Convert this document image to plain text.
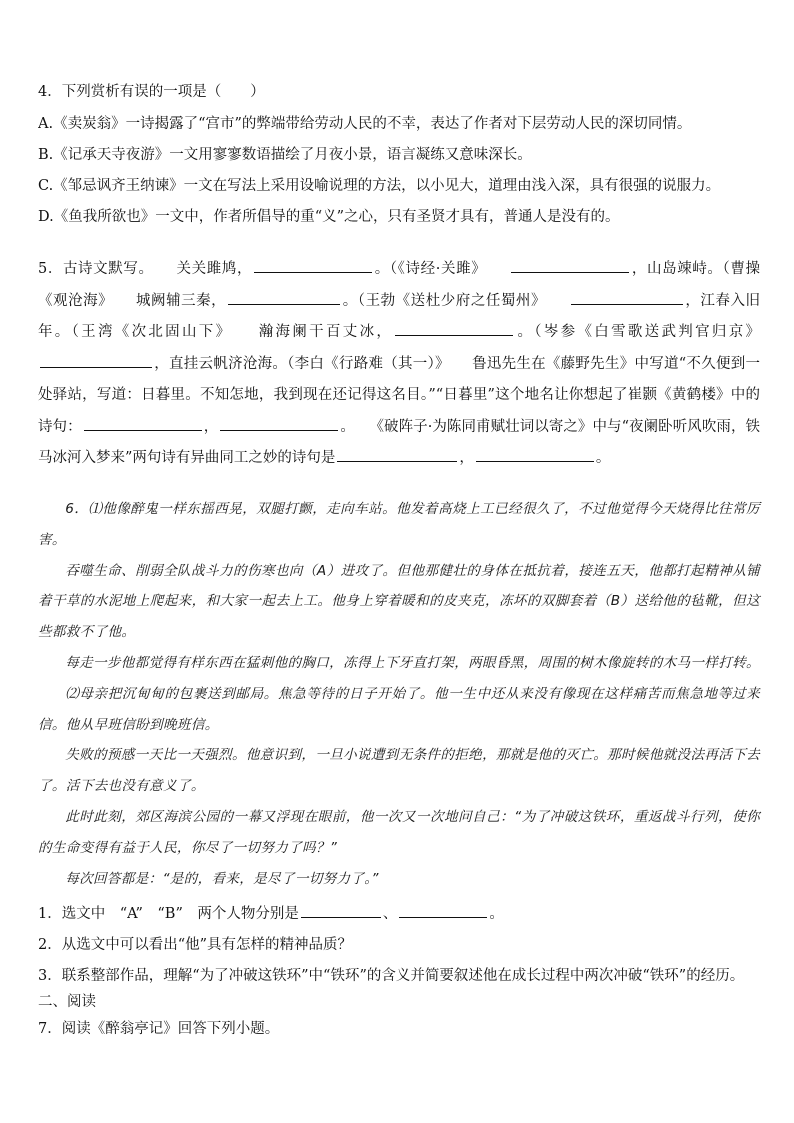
4．下列赏析有误的一项是（　　）
A.《卖炭翁》一诗揭露了“宫市”的弊端带给劳动人民的不幸，表达了作者对下层劳动人民的深切同情。
B.《记承天寺夜游》一文用寥寥数语描绘了月夜小景，语言凝练又意味深长。
C.《邹忌讽齐王纳谏》一文在写法上采用设喻说理的方法，以小见大，道理由浅入深，具有很强的说服力。
D.《鱼我所欲也》一文中，作者所倡导的重“义”之心，只有圣贤才具有，普通人是没有的。
5．古诗文默写。　　关关雎鸠，	。（《诗经·关雎》　　	，山岛竦峙。（曹操《观沧海》　　城阙辅三秦，	。（王勃《送杜少府之任蜀州》　　	，江春入旧年。（王湾《次北固山下》　　瀚海阑干百丈冰，	。（岑参《白雪歌送武判官归京》，直挂云帆济沧海。（李白《行路难（其一）》　　鲁迅先生在《藤野先生》中写道“不久便到一处驿站，写道：日暮里。不知怎地，我到现在还记得这名目。”“日暮里”这个地名让你想起了崔颢《黄鹤楼》中的诗句：	，	。　　《破阵子·为陈同甫赋壮词以寄之》中与“夜阑卧听风吹雨，铁马冰河入梦来”两句诗有异曲同工之妙的诗句是	，	。

6．⑴他像醉鬼一样东摇西晃，双腿打颤，走向车站。他发着高烧上工已经很久了，不过他觉得今天烧得比往常厉害。

吞噬生命、削弱全队战斗力的伤寒也向（A）进攻了。但他那健壮的身体在抵抗着，接连五天，他都打起精神从铺着干草的水泥地上爬起来，和大家一起去上工。他身上穿着暖和的皮夹克，冻坏的双脚套着（B）送给他的毡靴，但这些都救不了他。

每走一步他都觉得有样东西在猛刺他的胸口，冻得上下牙直打架，两眼昏黑，周围的树木像旋转的木马一样打转。

⑵母亲把沉甸甸的包裹送到邮局。焦急等待的日子开始了。他一生中还从来没有像现在这样痛苦而焦急地等过来信。他从早班信盼到晚班信。

失败的预感一天比一天强烈。他意识到，一旦小说遭到无条件的拒绝，那就是他的灭亡。那时候他就没法再活下去了。活下去也没有意义了。

此时此刻，郊区海滨公园的一幕又浮现在眼前，他一次又一次地问自己：“为了冲破这铁环，重返战斗行列，使你的生命变得有益于人民，你尽了一切努力了吗？”

每次回答都是：“是的，看来，是尽了一切努力了。”

1．选文中　“A”　“B”　两个人物分别是	、	。
2．从选文中可以看出“他”具有怎样的精神品质？
3．联系整部作品，理解“为了冲破这铁环”中“铁环”的含义并简要叙述他在成长过程中两次冲破“铁环”的经历。
二、阅读
7．阅读《醉翁亭记》回答下列小题。
